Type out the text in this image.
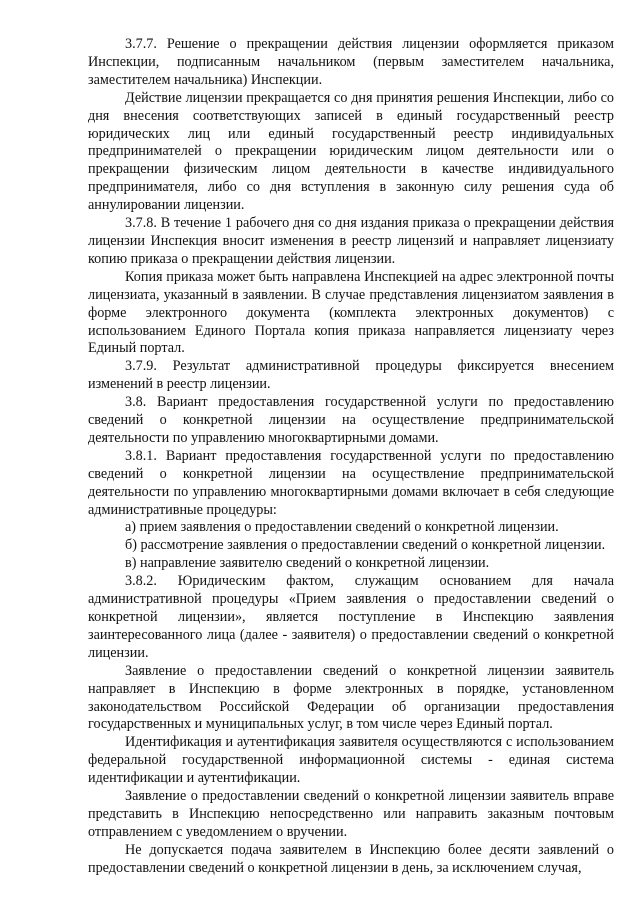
3.7.7. Решение о прекращении действия лицензии оформляется приказом Инспекции, подписанным начальником (первым заместителем начальника, заместителем начальника) Инспекции.

Действие лицензии прекращается со дня принятия решения Инспекции, либо со дня внесения соответствующих записей в единый государственный реестр юридических лиц или единый государственный реестр индивидуальных предпринимателей о прекращении юридическим лицом деятельности или о прекращении физическим лицом деятельности в качестве индивидуального предпринимателя, либо со дня вступления в законную силу решения суда об аннулировании лицензии.

3.7.8. В течение 1 рабочего дня со дня издания приказа о прекращении действия лицензии Инспекция вносит изменения в реестр лицензий и направляет лицензиату копию приказа о прекращении действия лицензии.

Копия приказа может быть направлена Инспекцией на адрес электронной почты лицензиата, указанный в заявлении. В случае представления лицензиатом заявления в форме электронного документа (комплекта электронных документов) с использованием Единого Портала копия приказа направляется лицензиату через Единый портал.

3.7.9. Результат административной процедуры фиксируется внесением изменений в реестр лицензии.

3.8. Вариант предоставления государственной услуги по предоставлению сведений о конкретной лицензии на осуществление предпринимательской деятельности по управлению многоквартирными домами.

3.8.1. Вариант предоставления государственной услуги по предоставлению сведений о конкретной лицензии на осуществление предпринимательской деятельности по управлению многоквартирными домами включает в себя следующие административные процедуры:

а) прием заявления о предоставлении сведений о конкретной лицензии.

б) рассмотрение заявления о предоставлении сведений о конкретной лицензии.

в) направление заявителю сведений о конкретной лицензии.

3.8.2. Юридическим фактом, служащим основанием для начала административной процедуры «Прием заявления о предоставлении сведений о конкретной лицензии», является поступление в Инспекцию заявления заинтересованного лица (далее - заявителя) о предоставлении сведений о конкретной лицензии.

Заявление о предоставлении сведений о конкретной лицензии заявитель направляет в Инспекцию в форме электронных в порядке, установленном законодательством Российской Федерации об организации предоставления государственных и муниципальных услуг, в том числе через Единый портал.

Идентификация и аутентификация заявителя осуществляются с использованием федеральной государственной информационной системы - единая система идентификации и аутентификации.

Заявление о предоставлении сведений о конкретной лицензии заявитель вправе представить в Инспекцию непосредственно или направить заказным почтовым отправлением с уведомлением о вручении.

Не допускается подача заявителем в Инспекцию более десяти заявлений о предоставлении сведений о конкретной лицензии в день, за исключением случая,
